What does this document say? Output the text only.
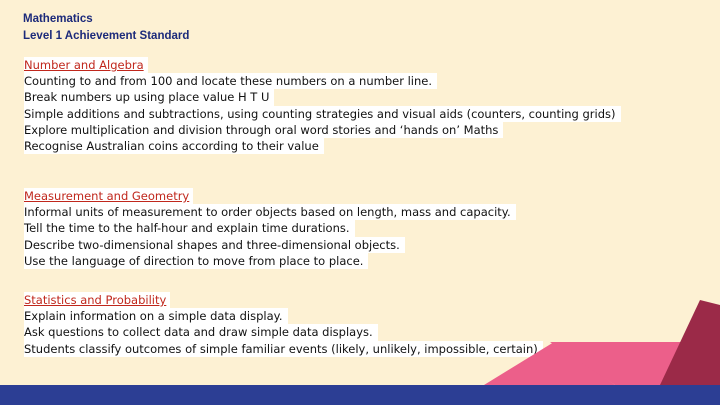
Mathematics
Level 1 Achievement Standard
Number and Algebra
Counting to and from 100 and locate these numbers on a number line.
Break numbers up using place value H T U
Simple additions and subtractions, using counting strategies and visual aids (counters, counting grids)
Explore multiplication and division through oral word stories and ‘hands on’ Maths
Recognise Australian coins according to their value
Measurement and Geometry
Informal units of measurement to order objects based on length, mass and capacity.
Tell the time to the half-hour and explain time durations.
Describe two-dimensional shapes and three-dimensional objects.
Use the language of direction to move from place to place.
Statistics and Probability
Explain information on a simple data display.
Ask questions to collect data and draw simple data displays.
Students classify outcomes of simple familiar events (likely, unlikely, impossible, certain)
